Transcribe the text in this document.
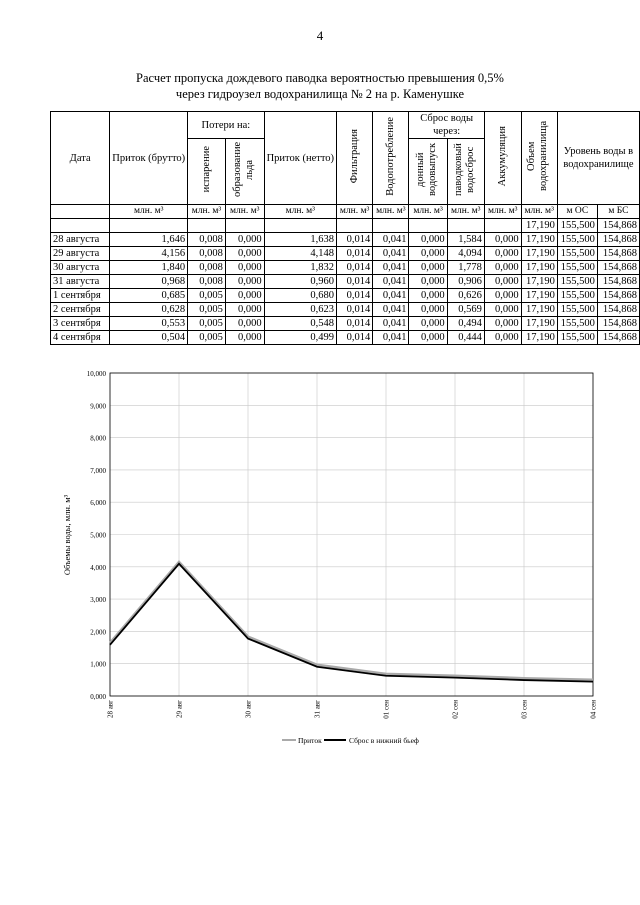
4
Расчет пропуска дождевого паводка вероятностью превышения 0,5%
через гидроузел водохранилища № 2 на р. Каменушке
Дата	Приток (брутто)	Потери на:		Приток (нетто)	Фильтрация	Водопотребление	Сброс воды через:		Аккумуляция	Объем водохранилища	Уровень воды в водохранилище	
		испарение	образование льда				донный водовыпуск	паводковый водосброс				

	млн. м³	млн. м³	млн. м³	млн. м³	млн. м³	млн. м³	млн. м³	млн. м³	млн. м³	млн. м³	м ОС	м БС
										17,190	155,500	154,868
28 августа	1,646	0,008	0,000	1,638	0,014	0,041	0,000	1,584	0,000	17,190	155,500	154,868
29 августа	4,156	0,008	0,000	4,148	0,014	0,041	0,000	4,094	0,000	17,190	155,500	154,868
30 августа	1,840	0,008	0,000	1,832	0,014	0,041	0,000	1,778	0,000	17,190	155,500	154,868
31 августа	0,968	0,008	0,000	0,960	0,014	0,041	0,000	0,906	0,000	17,190	155,500	154,868
1 сентября	0,685	0,005	0,000	0,680	0,014	0,041	0,000	0,626	0,000	17,190	155,500	154,868
2 сентября	0,628	0,005	0,000	0,623	0,014	0,041	0,000	0,569	0,000	17,190	155,500	154,868
3 сентября	0,553	0,005	0,000	0,548	0,014	0,041	0,000	0,494	0,000	17,190	155,500	154,868
4 сентября	0,504	0,005	0,000	0,499	0,014	0,041	0,000	0,444	0,000	17,190	155,500	154,868
0,000
1,000
2,000
3,000
4,000
5,000
6,000
7,000
8,000
9,000
10,000
28 авг	29 авг	30 авг	31 авг	01 сен	02 сен	03 сен	04 сен
Объемы воды, млн. м³
Приток	Сброс в нижний бьеф
